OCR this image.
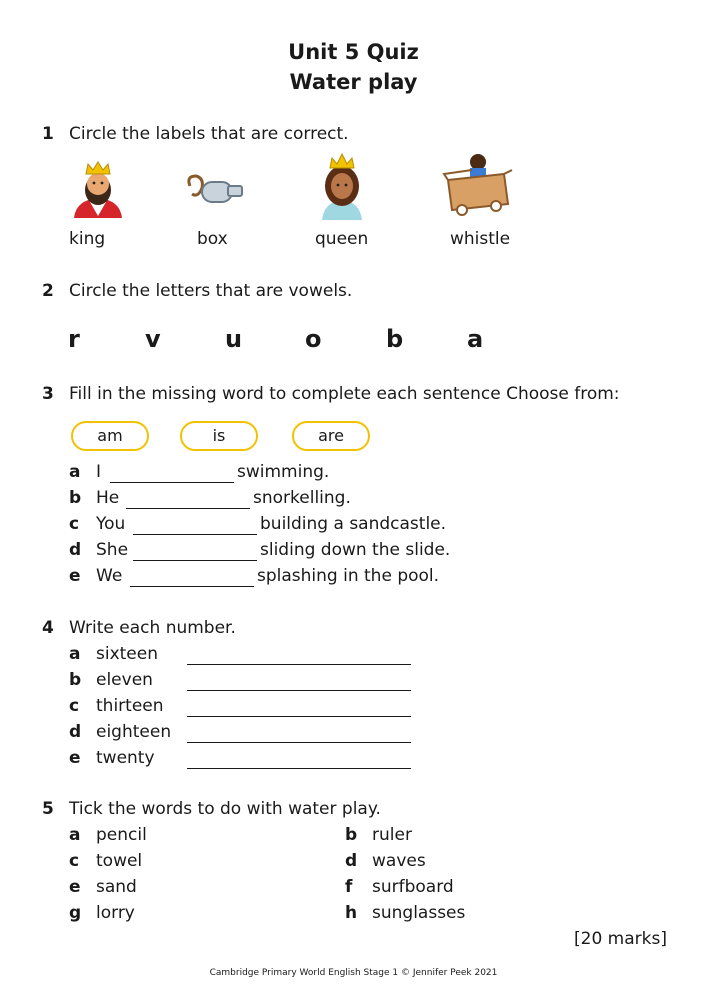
Unit 5 Quiz
Water play
1 Circle the labels that are correct.
king	box	queen	whistle
2 Circle the letters that are vowels.
r	v	u	o	b	a
3 Fill in the missing word to complete each sentence Choose from:
am	is	are
a I	swimming.
b He	snorkelling.
c You	building a sandcastle.
d She	sliding down the slide.
e We	splashing in the pool.
4 Write each number.
a sixteen
b eleven
c thirteen
d eighteen
e twenty
5 Tick the words to do with water play.
a pencil	b ruler
c towel	d waves
e sand	f surfboard
g lorry	h sunglasses
[20 marks]
Cambridge Primary World English Stage 1 © Jennifer Peek 2021
